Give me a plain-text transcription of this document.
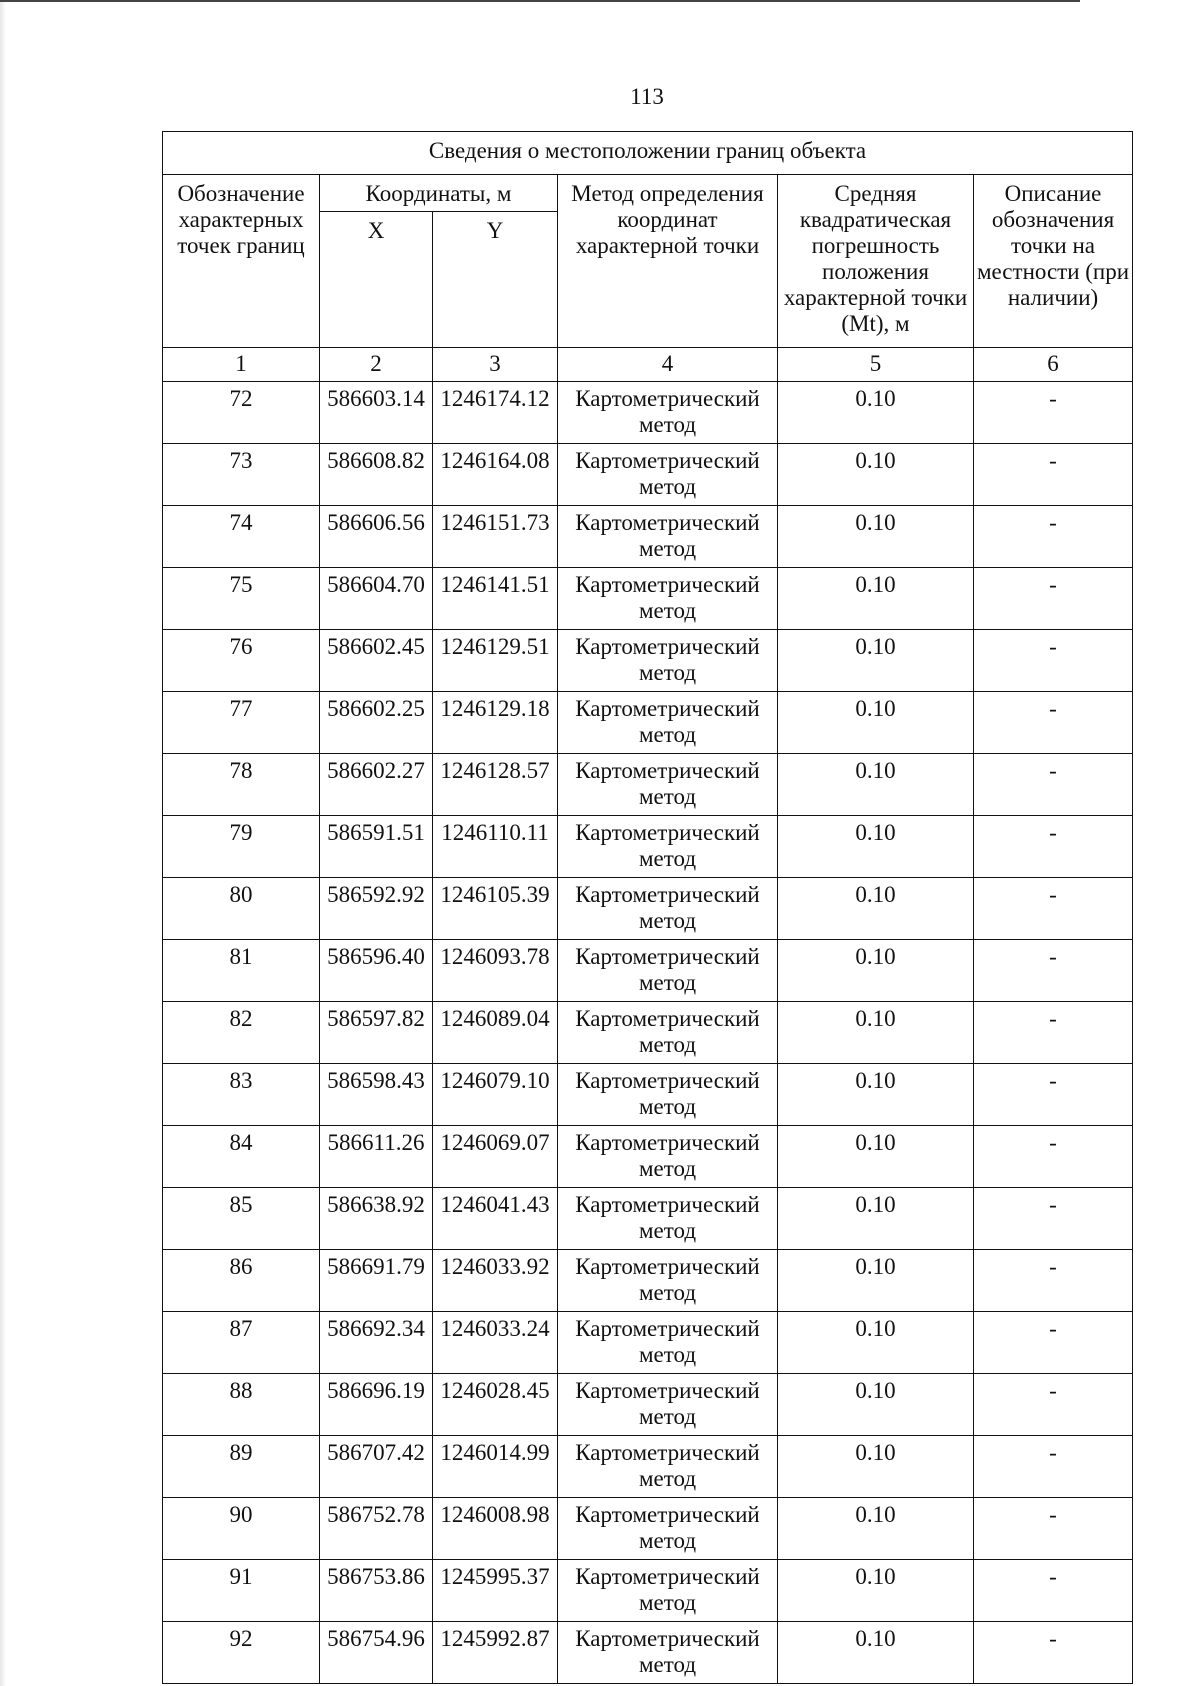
113
Сведения о местоположении границ объекта					
Обозначение характерных точек границ	Координаты, м		Метод определения координат характерной точки	Средняя квадратическая погрешность положения характерной точки (Mt), м	Описание обозначения точки на местности (при наличии)
	X	Y			
1	2	3	4	5	6
72	586603.14	1246174.12	Картометрический метод	0.10	-
73	586608.82	1246164.08	Картометрический метод	0.10	-
74	586606.56	1246151.73	Картометрический метод	0.10	-
75	586604.70	1246141.51	Картометрический метод	0.10	-
76	586602.45	1246129.51	Картометрический метод	0.10	-
77	586602.25	1246129.18	Картометрический метод	0.10	-
78	586602.27	1246128.57	Картометрический метод	0.10	-
79	586591.51	1246110.11	Картометрический метод	0.10	-
80	586592.92	1246105.39	Картометрический метод	0.10	-
81	586596.40	1246093.78	Картометрический метод	0.10	-
82	586597.82	1246089.04	Картометрический метод	0.10	-
83	586598.43	1246079.10	Картометрический метод	0.10	-
84	586611.26	1246069.07	Картометрический метод	0.10	-
85	586638.92	1246041.43	Картометрический метод	0.10	-
86	586691.79	1246033.92	Картометрический метод	0.10	-
87	586692.34	1246033.24	Картометрический метод	0.10	-
88	586696.19	1246028.45	Картометрический метод	0.10	-
89	586707.42	1246014.99	Картометрический метод	0.10	-
90	586752.78	1246008.98	Картометрический метод	0.10	-
91	586753.86	1245995.37	Картометрический метод	0.10	-
92	586754.96	1245992.87	Картометрический метод	0.10	-
